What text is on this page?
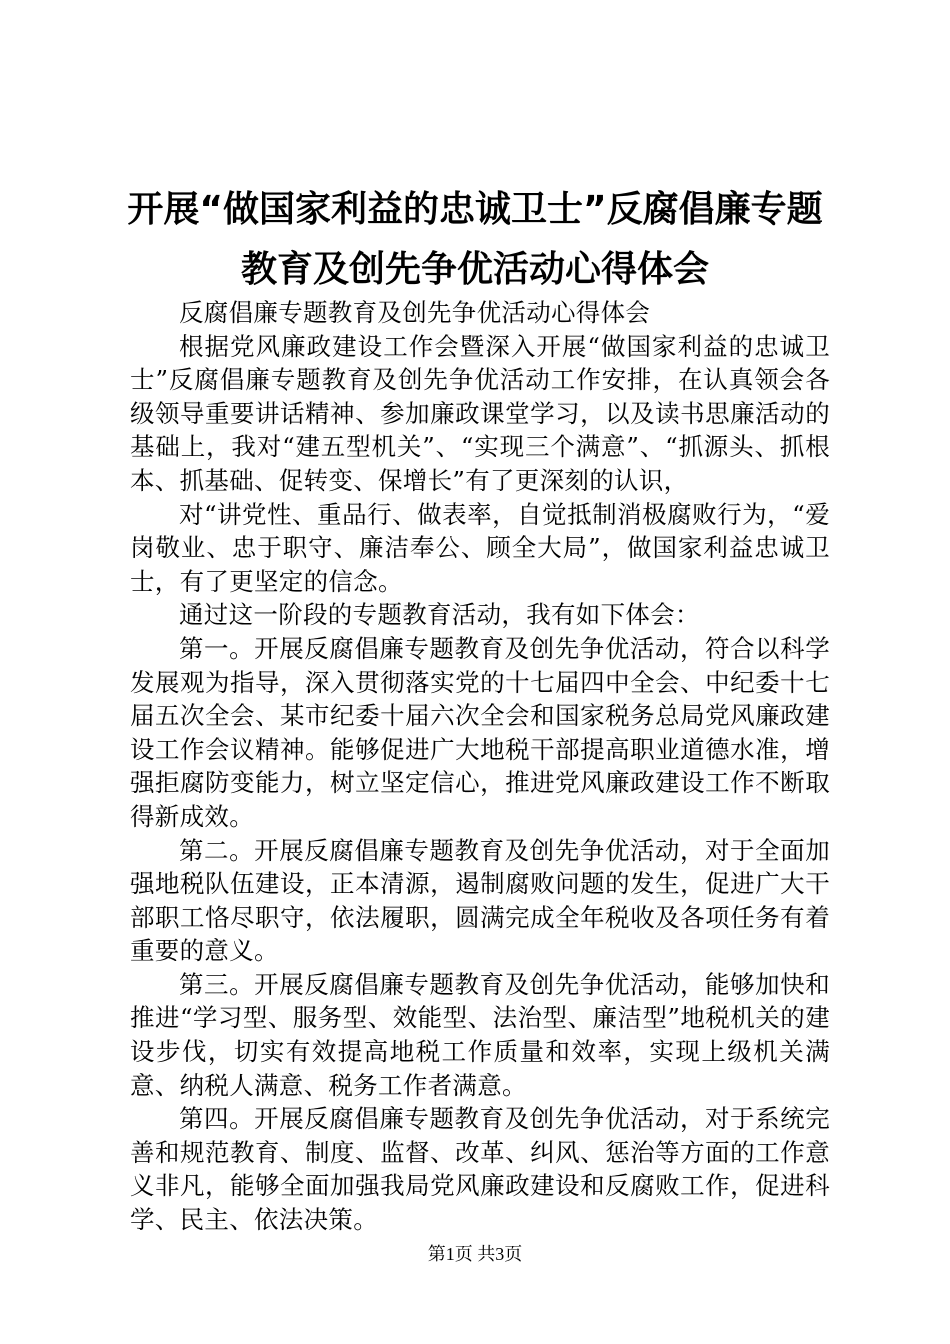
开展“做国家利益的忠诚卫士”反腐倡廉专题
教育及创先争优活动心得体会

反腐倡廉专题教育及创先争优活动心得体会

根据党风廉政建设工作会暨深入开展“做国家利益的忠诚卫士”反腐倡廉专题教育及创先争优活动工作安排，在认真领会各级领导重要讲话精神、参加廉政课堂学习，以及读书思廉活动的基础上，我对“建五型机关”、“实现三个满意”、“抓源头、抓根本、抓基础、促转变、保增长”有了更深刻的认识，

对“讲党性、重品行、做表率，自觉抵制消极腐败行为，“爱岗敬业、忠于职守、廉洁奉公、顾全大局”，做国家利益忠诚卫士，有了更坚定的信念。

通过这一阶段的专题教育活动，我有如下体会：

第一。开展反腐倡廉专题教育及创先争优活动，符合以科学发展观为指导，深入贯彻落实党的十七届四中全会、中纪委十七届五次全会、某市纪委十届六次全会和国家税务总局党风廉政建设工作会议精神。能够促进广大地税干部提高职业道德水准，增强拒腐防变能力，树立坚定信心，推进党风廉政建设工作不断取得新成效。

第二。开展反腐倡廉专题教育及创先争优活动，对于全面加强地税队伍建设，正本清源，遏制腐败问题的发生，促进广大干部职工恪尽职守，依法履职，圆满完成全年税收及各项任务有着重要的意义。

第三。开展反腐倡廉专题教育及创先争优活动，能够加快和推进“学习型、服务型、效能型、法治型、廉洁型”地税机关的建设步伐，切实有效提高地税工作质量和效率，实现上级机关满意、纳税人满意、税务工作者满意。

第四。开展反腐倡廉专题教育及创先争优活动，对于系统完善和规范教育、制度、监督、改革、纠风、惩治等方面的工作意义非凡，能够全面加强我局党风廉政建设和反腐败工作，促进科学、民主、依法决策。

第1页 共3页
